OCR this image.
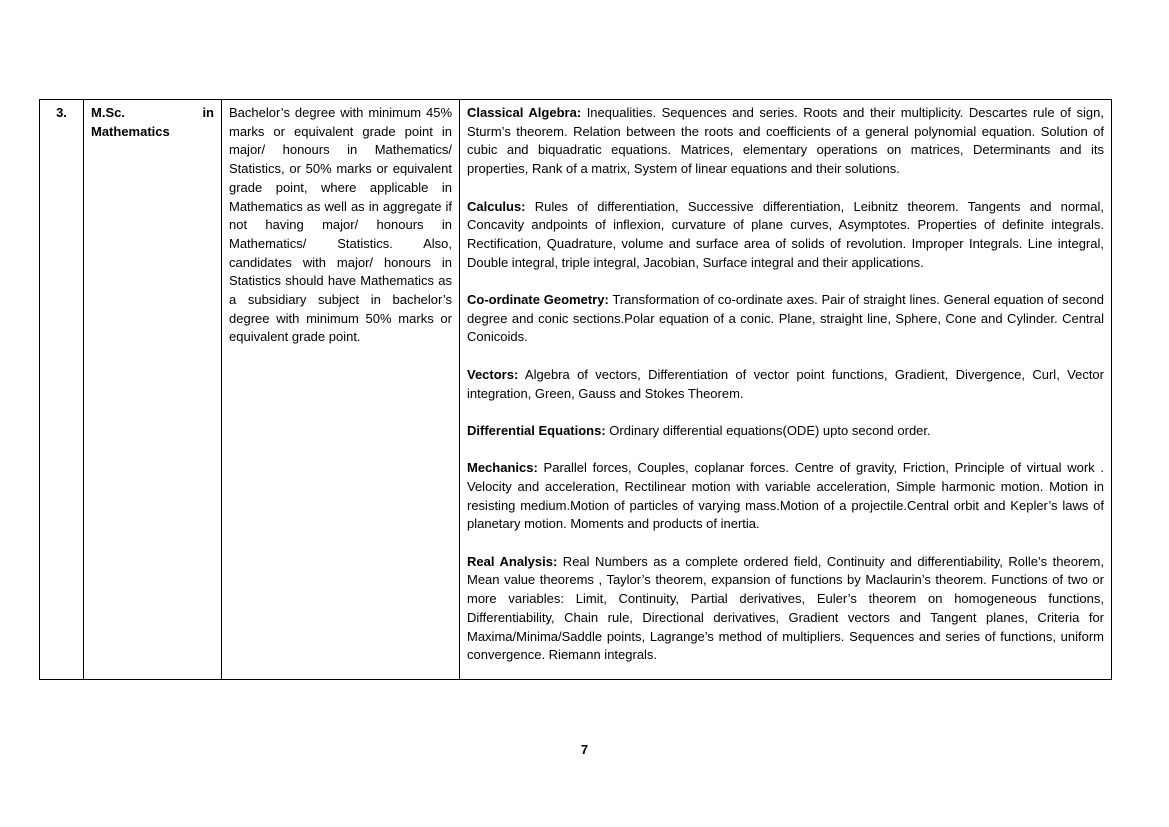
3.	M.Sc.	in
Mathematics

Bachelor’s degree with minimum 45% marks or equivalent grade point in major/ honours in Mathematics/ Statistics, or 50% marks or equivalent grade point, where applicable in Mathematics as well as in aggregate if not having major/ honours in Mathematics/ Statistics. Also, candidates with major/ honours in Statistics should have Mathematics as a subsidiary subject in bachelor’s degree with minimum 50% marks or equivalent grade point.

Classical Algebra: Inequalities. Sequences and series. Roots and their multiplicity. Descartes rule of sign, Sturm’s theorem. Relation between the roots and coefficients of a general polynomial equation. Solution of cubic and biquadratic equations. Matrices, elementary operations on matrices, Determinants and its properties, Rank of a matrix, System of linear equations and their solutions.
Calculus: Rules of differentiation, Successive differentiation, Leibnitz theorem. Tangents and normal, Concavity andpoints of inflexion, curvature of plane curves, Asymptotes. Properties of definite integrals. Rectification, Quadrature, volume and surface area of solids of revolution. Improper Integrals. Line integral, Double integral, triple integral, Jacobian, Surface integral and their applications.
Co-ordinate Geometry: Transformation of co-ordinate axes. Pair of straight lines. General equation of second degree and conic sections.Polar equation of a conic. Plane, straight line, Sphere, Cone and Cylinder. Central Conicoids.
Vectors: Algebra of vectors, Differentiation of vector point functions, Gradient, Divergence, Curl, Vector integration, Green, Gauss and Stokes Theorem.
Differential Equations: Ordinary differential equations(ODE) upto second order.
Mechanics: Parallel forces, Couples, coplanar forces. Centre of gravity, Friction, Principle of virtual work . Velocity and acceleration, Rectilinear motion with variable acceleration, Simple harmonic motion. Motion in resisting medium.Motion of particles of varying mass.Motion of a projectile.Central orbit and Kepler’s laws of planetary motion. Moments and products of inertia.
Real Analysis: Real Numbers as a complete ordered field, Continuity and differentiability, Rolle’s theorem, Mean value theorems , Taylor’s theorem, expansion of functions by Maclaurin’s theorem. Functions of two or more variables: Limit, Continuity, Partial derivatives, Euler’s theorem on homogeneous functions, Differentiability, Chain rule, Directional derivatives, Gradient vectors and Tangent planes, Criteria for Maxima/Minima/Saddle points, Lagrange’s method of multipliers. Sequences and series of functions, uniform convergence. Riemann integrals.
7
